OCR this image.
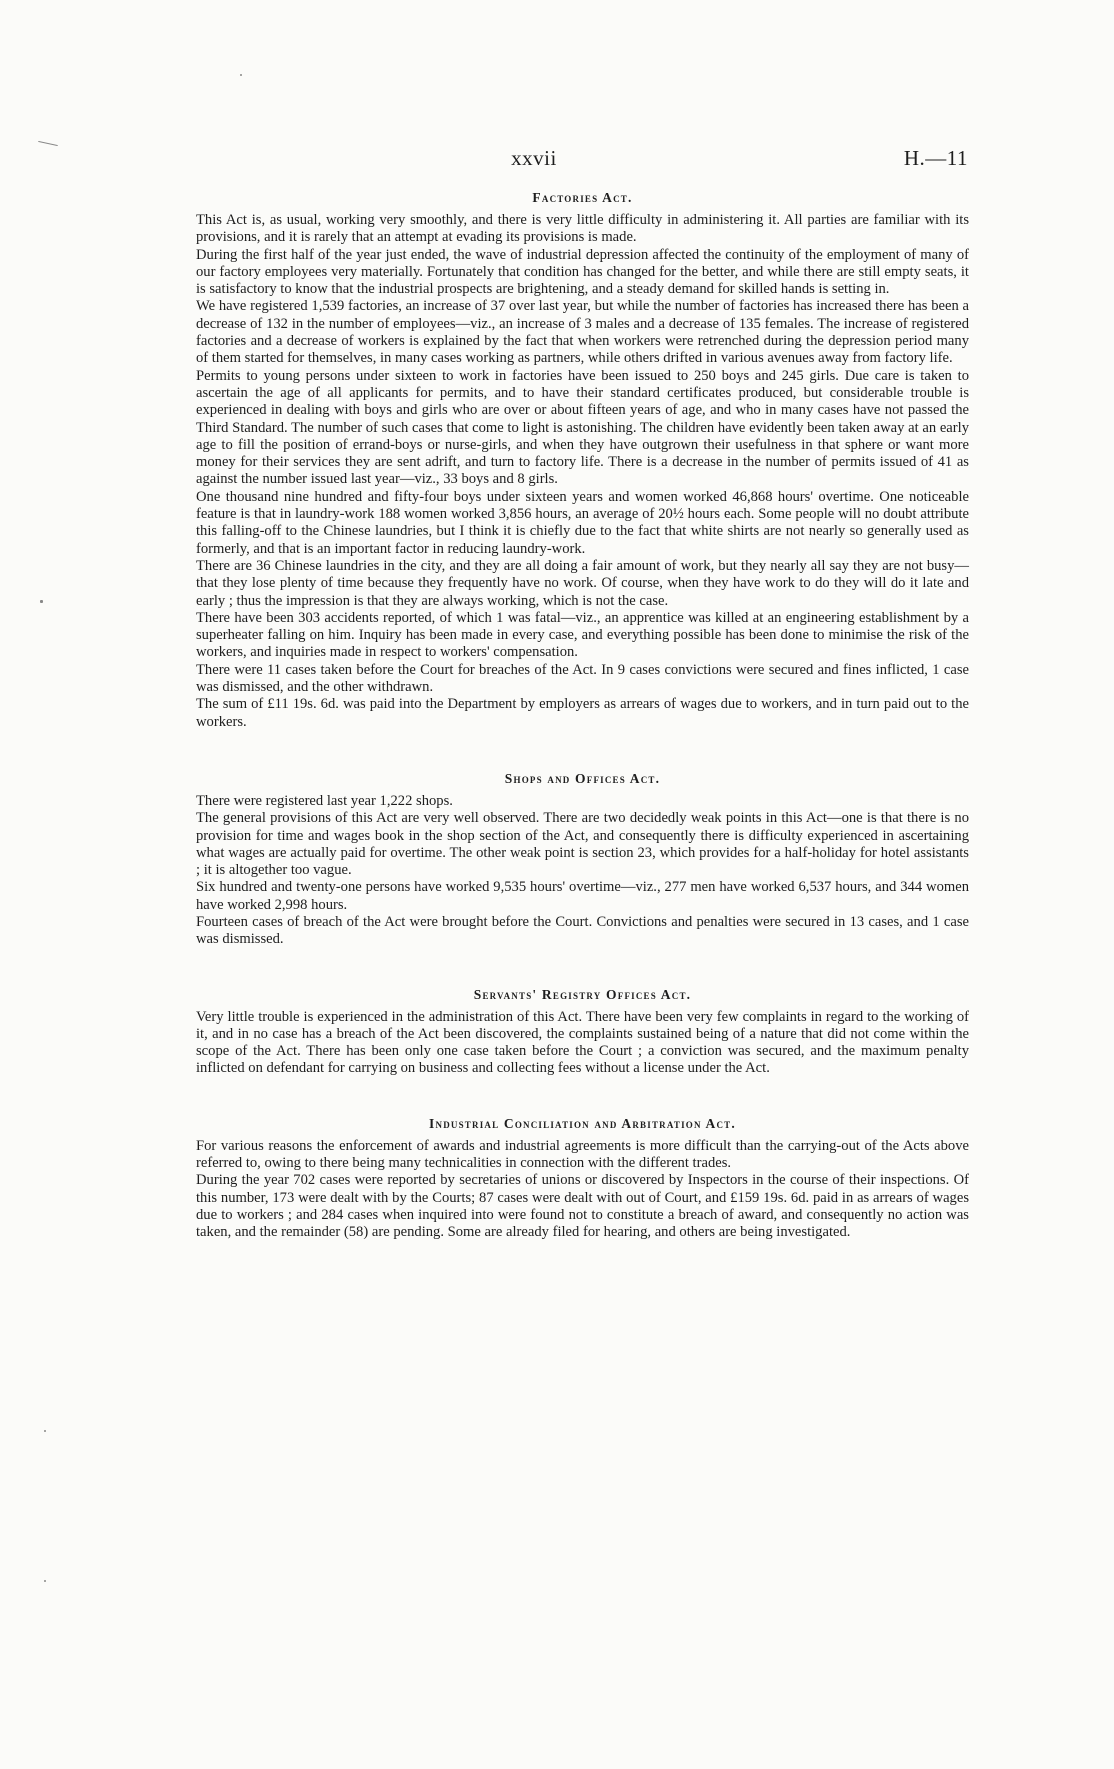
xxvii	H.—11
Factories Act.

This Act is, as usual, working very smoothly, and there is very little difficulty in administering it. All parties are familiar with its provisions, and it is rarely that an attempt at evading its provisions is made.

During the first half of the year just ended, the wave of industrial depression affected the continuity of the employment of many of our factory employees very materially. Fortunately that condition has changed for the better, and while there are still empty seats, it is satisfactory to know that the industrial prospects are brightening, and a steady demand for skilled hands is setting in.

We have registered 1,539 factories, an increase of 37 over last year, but while the number of factories has increased there has been a decrease of 132 in the number of employees—viz., an increase of 3 males and a decrease of 135 females. The increase of registered factories and a decrease of workers is explained by the fact that when workers were retrenched during the depression period many of them started for themselves, in many cases working as partners, while others drifted in various avenues away from factory life.

Permits to young persons under sixteen to work in factories have been issued to 250 boys and 245 girls. Due care is taken to ascertain the age of all applicants for permits, and to have their standard certificates produced, but considerable trouble is experienced in dealing with boys and girls who are over or about fifteen years of age, and who in many cases have not passed the Third Standard. The number of such cases that come to light is astonishing. The children have evidently been taken away at an early age to fill the position of errand-boys or nurse-girls, and when they have outgrown their usefulness in that sphere or want more money for their services they are sent adrift, and turn to factory life. There is a decrease in the number of permits issued of 41 as against the number issued last year—viz., 33 boys and 8 girls.

One thousand nine hundred and fifty-four boys under sixteen years and women worked 46,868 hours' overtime. One noticeable feature is that in laundry-work 188 women worked 3,856 hours, an average of 20½ hours each. Some people will no doubt attribute this falling-off to the Chinese laundries, but I think it is chiefly due to the fact that white shirts are not nearly so generally used as formerly, and that is an important factor in reducing laundry-work.

There are 36 Chinese laundries in the city, and they are all doing a fair amount of work, but they nearly all say they are not busy—that they lose plenty of time because they frequently have no work. Of course, when they have work to do they will do it late and early ; thus the impression is that they are always working, which is not the case.

There have been 303 accidents reported, of which 1 was fatal—viz., an apprentice was killed at an engineering establishment by a superheater falling on him. Inquiry has been made in every case, and everything possible has been done to minimise the risk of the workers, and inquiries made in respect to workers' compensation.

There were 11 cases taken before the Court for breaches of the Act. In 9 cases convictions were secured and fines inflicted, 1 case was dismissed, and the other withdrawn.

The sum of £11 19s. 6d. was paid into the Department by employers as arrears of wages due to workers, and in turn paid out to the workers.

Shops and Offices Act.

There were registered last year 1,222 shops.

The general provisions of this Act are very well observed. There are two decidedly weak points in this Act—one is that there is no provision for time and wages book in the shop section of the Act, and consequently there is difficulty experienced in ascertaining what wages are actually paid for overtime. The other weak point is section 23, which provides for a half-holiday for hotel assistants ; it is altogether too vague.

Six hundred and twenty-one persons have worked 9,535 hours' overtime—viz., 277 men have worked 6,537 hours, and 344 women have worked 2,998 hours.

Fourteen cases of breach of the Act were brought before the Court. Convictions and penalties were secured in 13 cases, and 1 case was dismissed.

Servants' Registry Offices Act.

Very little trouble is experienced in the administration of this Act. There have been very few complaints in regard to the working of it, and in no case has a breach of the Act been discovered, the complaints sustained being of a nature that did not come within the scope of the Act. There has been only one case taken before the Court ; a conviction was secured, and the maximum penalty inflicted on defendant for carrying on business and collecting fees without a license under the Act.

Industrial Conciliation and Arbitration Act.

For various reasons the enforcement of awards and industrial agreements is more difficult than the carrying-out of the Acts above referred to, owing to there being many technicalities in connection with the different trades.

During the year 702 cases were reported by secretaries of unions or discovered by Inspectors in the course of their inspections. Of this number, 173 were dealt with by the Courts; 87 cases were dealt with out of Court, and £159 19s. 6d. paid in as arrears of wages due to workers ; and 284 cases when inquired into were found not to constitute a breach of award, and consequently no action was taken, and the remainder (58) are pending. Some are already filed for hearing, and others are being investigated.
